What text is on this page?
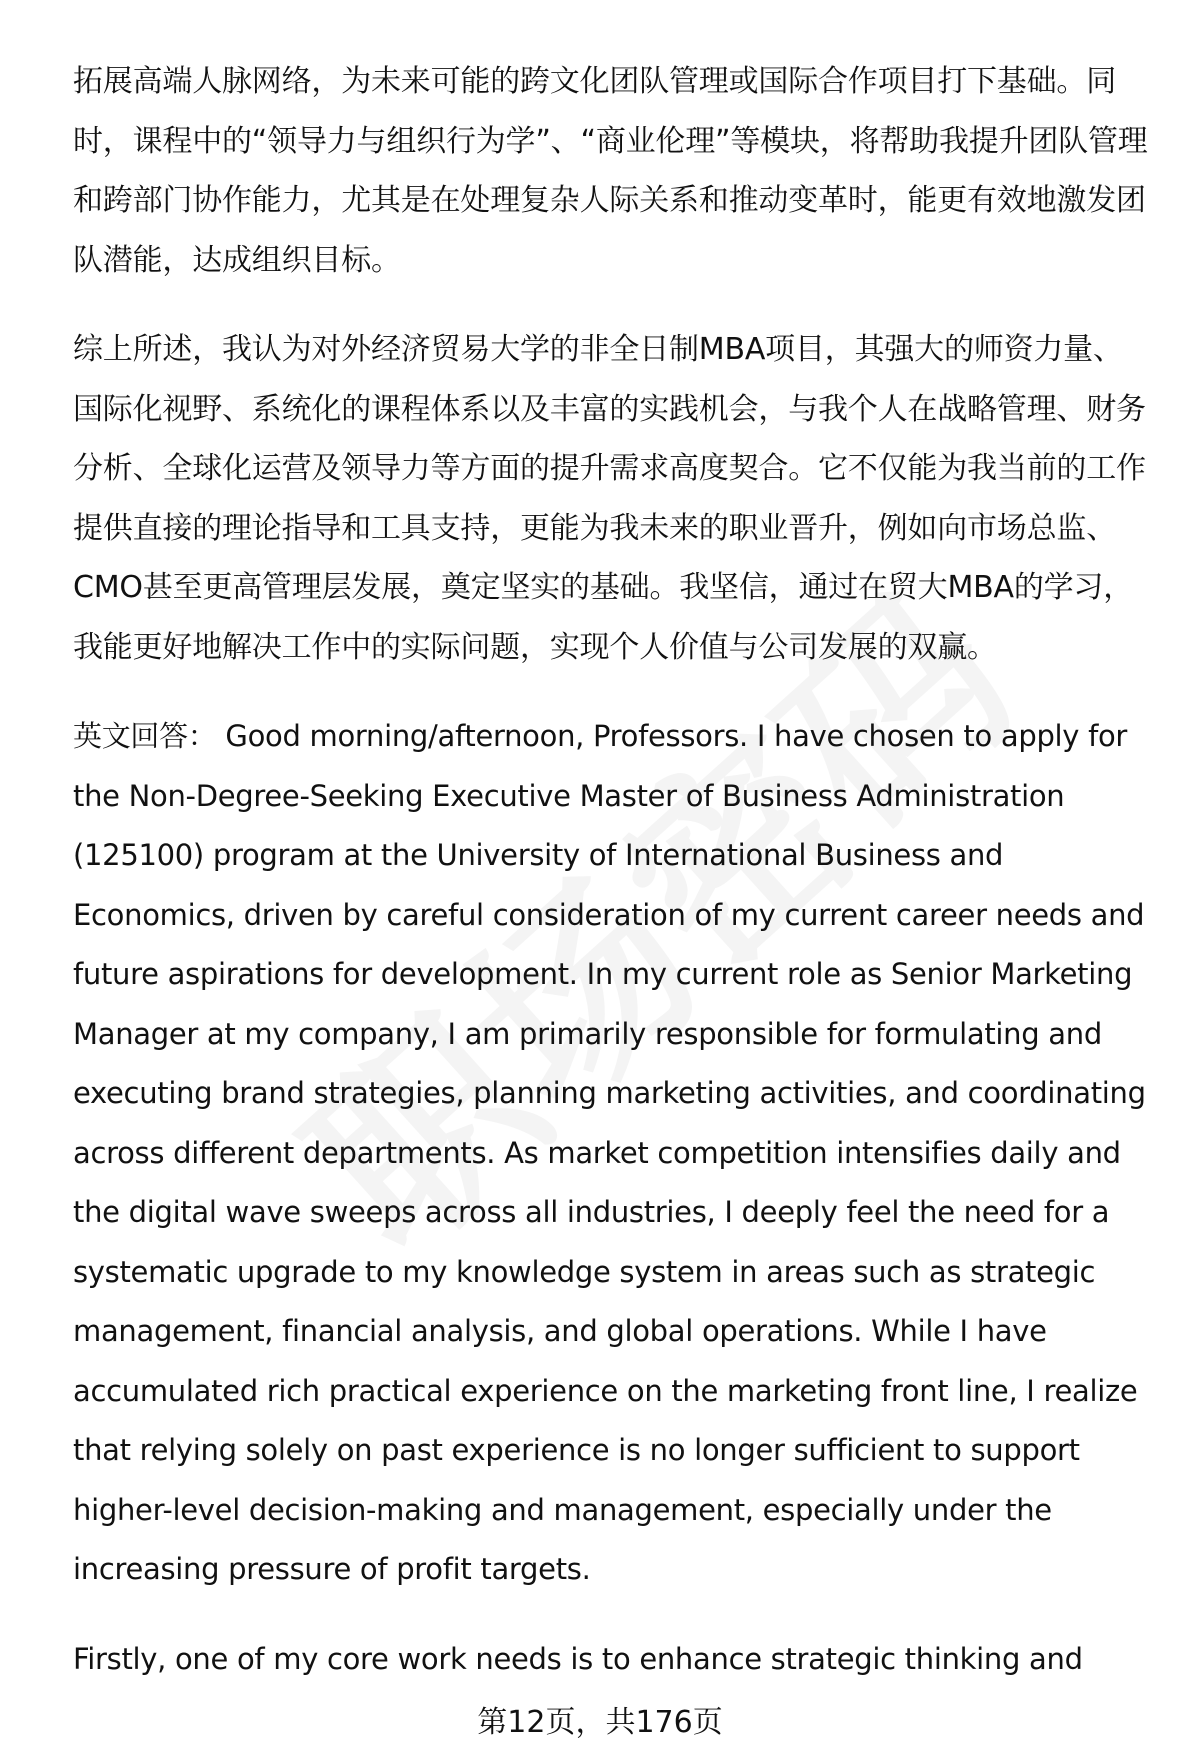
拓展高端人脉网络，为未来可能的跨文化团队管理或国际合作项目打下基础。同时，课程中的“领导力与组织行为学”、“商业伦理”等模块，将帮助我提升团队管理和跨部门协作能力，尤其是在处理复杂人际关系和推动变革时，能更有效地激发团队潜能，达成组织目标。

综上所述，我认为对外经济贸易大学的非全日制MBA项目，其强大的师资力量、国际化视野、系统化的课程体系以及丰富的实践机会，与我个人在战略管理、财务分析、全球化运营及领导力等方面的提升需求高度契合。它不仅能为我当前的工作提供直接的理论指导和工具支持，更能为我未来的职业晋升，例如向市场总监、CMO甚至更高管理层发展，奠定坚实的基础。我坚信，通过在贸大MBA的学习，我能更好地解决工作中的实际问题，实现个人价值与公司发展的双赢。

英文回答： Good morning/afternoon, Professors. I have chosen to apply for the Non-Degree-Seeking Executive Master of Business Administration (125100) program at the University of International Business and Economics, driven by careful consideration of my current career needs and future aspirations for development. In my current role as Senior Marketing Manager at my company, I am primarily responsible for formulating and executing brand strategies, planning marketing activities, and coordinating across different departments. As market competition intensifies daily and the digital wave sweeps across all industries, I deeply feel the need for a systematic upgrade to my knowledge system in areas such as strategic management, financial analysis, and global operations. While I have accumulated rich practical experience on the marketing front line, I realize that relying solely on past experience is no longer sufficient to support higher-level decision-making and management, especially under the increasing pressure of profit targets.

Firstly, one of my core work needs is to enhance strategic thinking and

第12页，共176页
